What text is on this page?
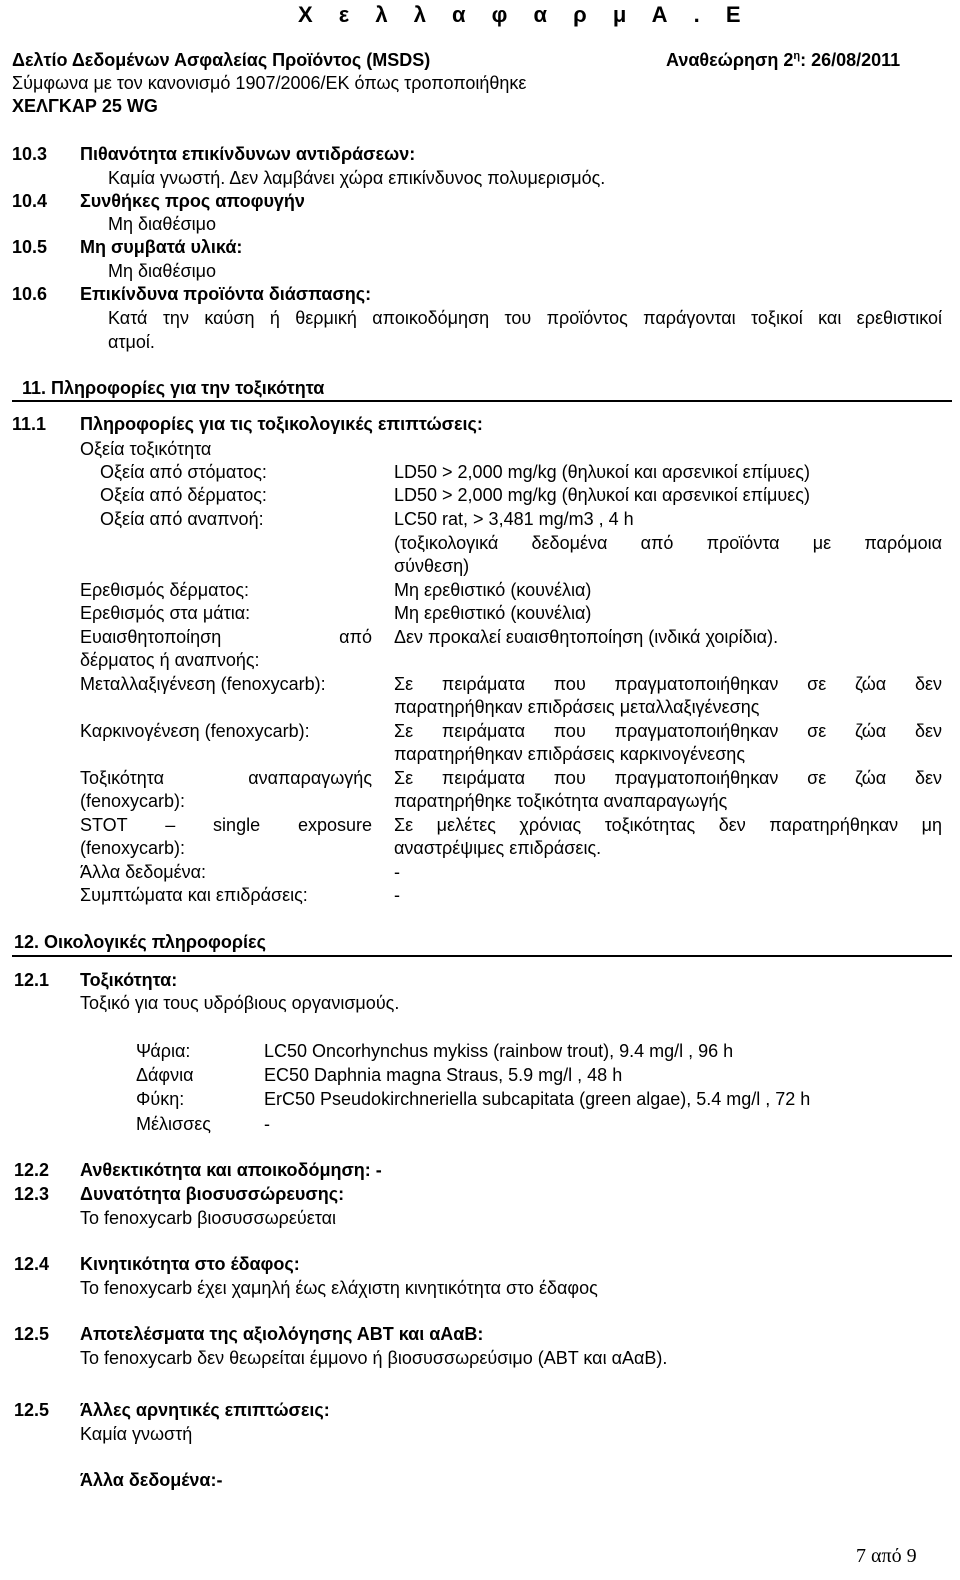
Χ ε λ λ α φ α ρ μ Α . Ε
Δελτίο Δεδομένων Ασφαλείας Προϊόντος (MSDS)	Αναθεώρηση $2^\eta$: 26/08/2011
Σύμφωνα με τον κανονισμό 1907/2006/ΕΚ όπως τροποποιήθηκε
ΧΕΛΓΚΑΡ 25 WG
10.3 Πιθανότητα επικίνδυνων αντιδράσεων:
Καμία γνωστή. Δεν λαμβάνει χώρα επικίνδυνος πολυμερισμός.
10.4 Συνθήκες προς αποφυγήν
Μη διαθέσιμο
10.5 Μη συμβατά υλικά:
Μη διαθέσιμο
10.6 Επικίνδυνα προϊόντα διάσπασης:
Κατά την καύση ή θερμική αποικοδόμηση του προϊόντος παράγονται τοξικοί και ερεθιστικοί
ατμοί.
11. Πληροφορίες για την τοξικότητα
11.1 Πληροφορίες για τις τοξικολογικές επιπτώσεις:
Οξεία τοξικότητα
Οξεία από στόματος:	LD50 > 2,000 mg/kg (θηλυκοί και αρσενικοί επίμυες)
Οξεία από δέρματος:	LD50 > 2,000 mg/kg (θηλυκοί και αρσενικοί επίμυες)
Οξεία από αναπνοή:	LC50 rat, > 3,481 mg/m3 , 4 h
(τοξικολογικά δεδομένα από προϊόντα με παρόμοια
σύνθεση)
Ερεθισμός δέρματος:	Μη ερεθιστικό (κουνέλια)
Ερεθισμός στα μάτια:	Μη ερεθιστικό (κουνέλια)
Ευαισθητοποίηση από
δέρματος ή αναπνοής:
Δεν προκαλεί ευαισθητοποίηση (ινδικά χοιρίδια).
Μεταλλαξιγένεση (fenoxycarb):	Σε πειράματα που πραγματοποιήθηκαν σε ζώα δεν
παρατηρήθηκαν επιδράσεις μεταλλαξιγένεσης
Καρκινογένεση (fenoxycarb):	Σε πειράματα που πραγματοποιήθηκαν σε ζώα δεν
παρατηρήθηκαν επιδράσεις καρκινογένεσης
Τοξικότητα αναπαραγωγής
(fenoxycarb):
Σε πειράματα που πραγματοποιήθηκαν σε ζώα δεν
παρατηρήθηκε τοξικότητα αναπαραγωγής
STOT – single exposure
(fenoxycarb):
Σε μελέτες χρόνιας τοξικότητας δεν παρατηρήθηκαν μη
αναστρέψιμες επιδράσεις.
Άλλα δεδομένα:	-
Συμπτώματα και επιδράσεις:	-
12. Οικολογικές πληροφορίες
12.1 Τοξικότητα:
Τοξικό για τους υδρόβιους οργανισμούς.
Ψάρια:	LC50 Oncorhynchus mykiss (rainbow trout), 9.4 mg/l , 96 h
Δάφνια	EC50 Daphnia magna Straus, 5.9 mg/l , 48 h
Φύκη:	ErC50 Pseudokirchneriella subcapitata (green algae), 5.4 mg/l , 72 h
Μέλισσες	-
12.2 Ανθεκτικότητα και αποικοδόμηση: -
12.3 Δυνατότητα βιοσυσσώρευσης:
Το fenoxycarb βιοσυσσωρεύεται
12.4 Κινητικότητα στο έδαφος:
Το fenoxycarb έχει χαμηλή έως ελάχιστη κινητικότητα στο έδαφος
12.5 Αποτελέσματα της αξιολόγησης ΑΒΤ και αΑαΒ:
Το fenoxycarb δεν θεωρείται έμμονο ή βιοσυσσωρεύσιμο (ΑΒΤ και αΑαΒ).
12.5 Άλλες αρνητικές επιπτώσεις:
Καμία γνωστή
Άλλα δεδομένα:-
7 από 9
